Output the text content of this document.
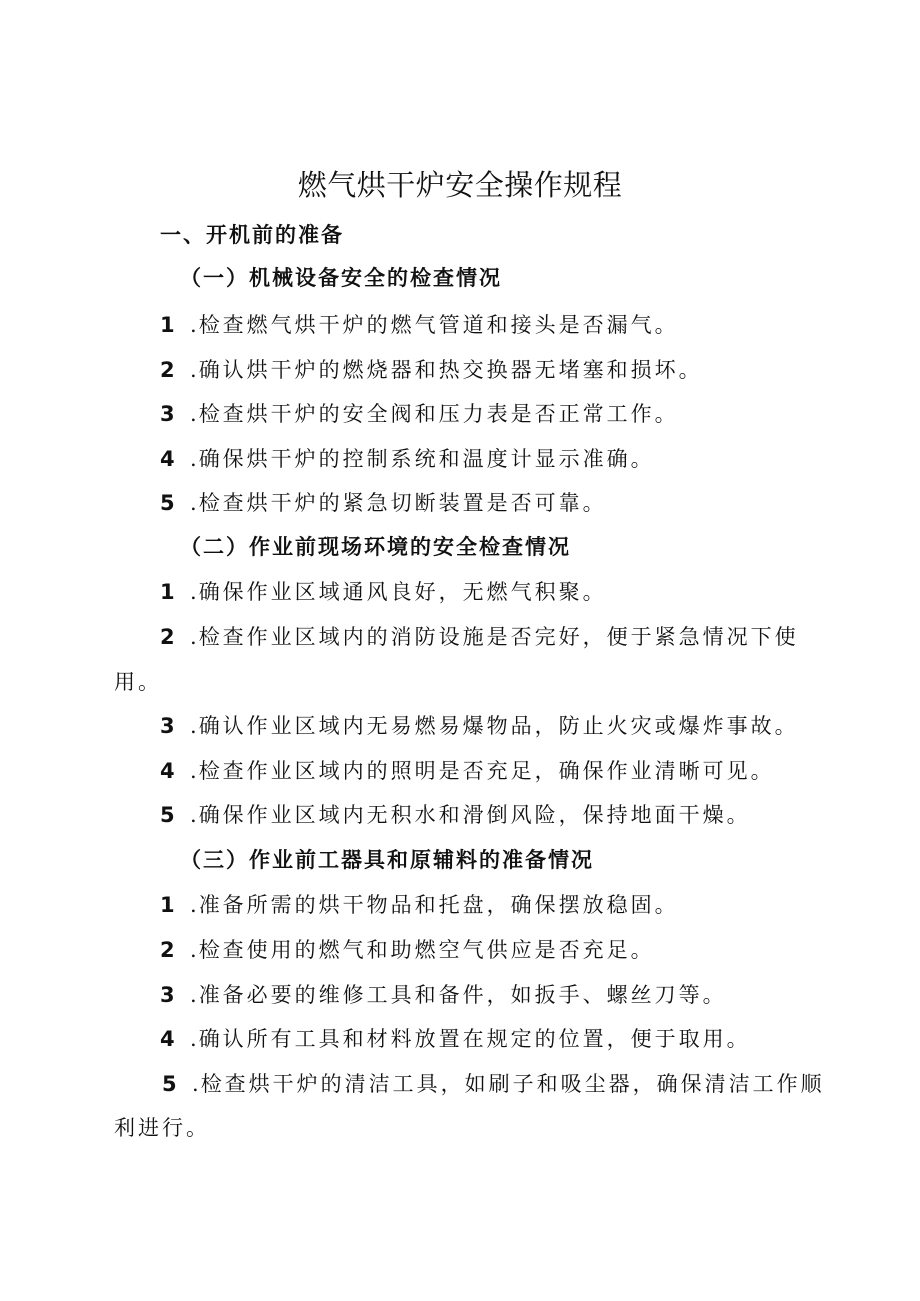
燃气烘干炉安全操作规程
一、开机前的准备
（一）机械设备安全的检查情况
1 .检查燃气烘干炉的燃气管道和接头是否漏气。
2 .确认烘干炉的燃烧器和热交换器无堵塞和损坏。
3 .检查烘干炉的安全阀和压力表是否正常工作。
4 .确保烘干炉的控制系统和温度计显示准确。
5 .检查烘干炉的紧急切断装置是否可靠。
（二）作业前现场环境的安全检查情况
1 .确保作业区域通风良好，无燃气积聚。
2 .检查作业区域内的消防设施是否完好，便于紧急情况下使
用。
3 .确认作业区域内无易燃易爆物品，防止火灾或爆炸事故。
4 .检查作业区域内的照明是否充足，确保作业清晰可见。
5 .确保作业区域内无积水和滑倒风险，保持地面干燥。
（三）作业前工器具和原辅料的准备情况
1 .准备所需的烘干物品和托盘，确保摆放稳固。
2 .检查使用的燃气和助燃空气供应是否充足。
3 .准备必要的维修工具和备件，如扳手、螺丝刀等。
4 .确认所有工具和材料放置在规定的位置，便于取用。
5 .检查烘干炉的清洁工具，如刷子和吸尘器，确保清洁工作顺
利进行。
